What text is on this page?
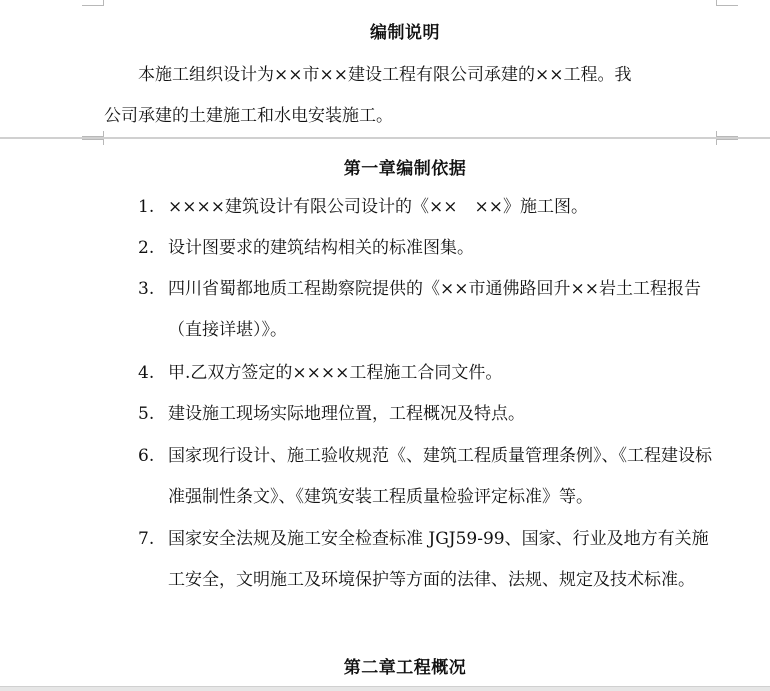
编制说明
本施工组织设计为××市××建设工程有限公司承建的××工程。我
公司承建的土建施工和水电安装施工。
第一章编制依据
1. ××××建筑设计有限公司设计的《××　××》施工图。
2. 设计图要求的建筑结构相关的标准图集。
3. 四川省蜀都地质工程勘察院提供的《××市通佛路回升××岩土工程报告（直接详堪）》。
4. 甲.乙双方签定的××××工程施工合同文件。
5. 建设施工现场实际地理位置，工程概况及特点。
6. 国家现行设计、施工验收规范《、建筑工程质量管理条例》、《工程建设标准强制性条文》、《建筑安装工程质量检验评定标准》等。
7. 国家安全法规及施工安全检查标准 JGJ59-99、国家、行业及地方有关施工安全，文明施工及环境保护等方面的法律、法规、规定及技术标准。
第二章工程概况
